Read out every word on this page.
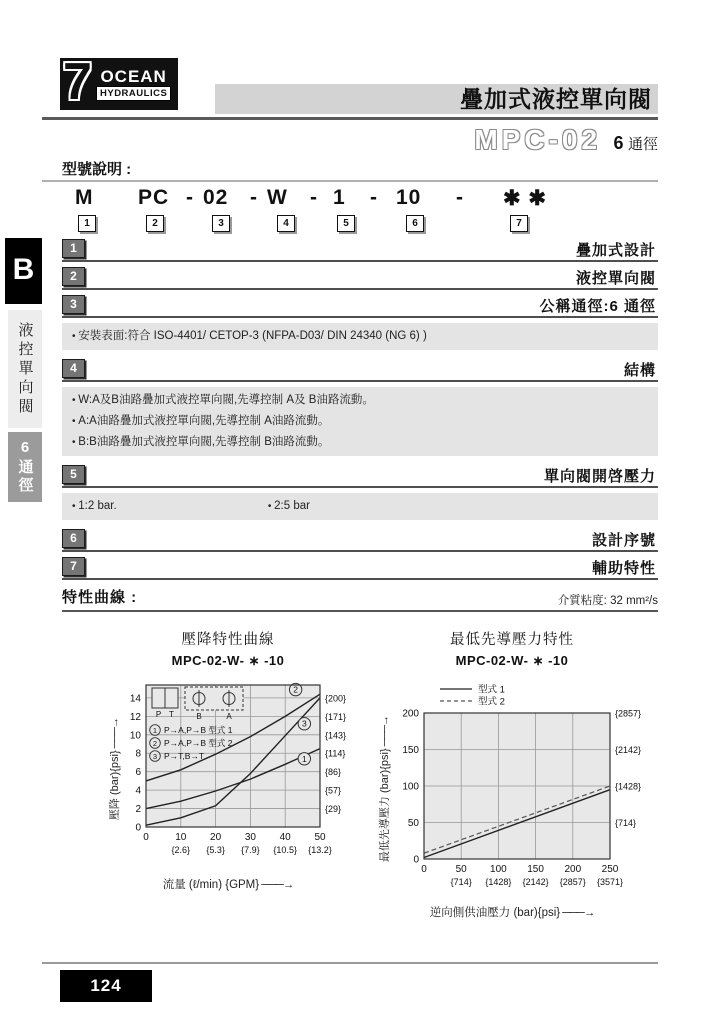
7 OCEAN
HYDRAULICS	疊加式液控單向閥
MPC-02 6 通徑
型號說明 :
M PC - 02 - W - 1 - 10 - ✱ ✱
1	2	3	4	5	6	7
1	疊加式設計
2	液控單向閥
3	公稱通徑:6 通徑
• 安裝表面:符合 ISO-4401/ CETOP-3 (NFPA-D03/ DIN 24340 (NG 6) )
4	結構
• W:A及B油路疊加式液控單向閥,先導控制 A及 B油路流動。
• A:A油路疊加式液控單向閥,先導控制 A油路流動。
• B:B油路疊加式液控單向閥,先導控制 B油路流動。
5	單向閥開啓壓力
• 1:2 bar.	• 2:5 bar
6	設計序號
7	輔助特性
B
液控單向閥
6通徑
特性曲線 :	介質粘度: 32 mm²/s
壓降特性曲線
MPC-02-W- ∗ -10
壓降 (bar){psi} ───→	1
2
3
0
2	{29}
4	{57}
6	{86}
8	{114}
10	{143}
12	{171}
14	{200}
0	10
{2.6}
20
{5.3}
30
{7.9}
40
{10.5}
50
{13.2}
P T	B	A
1 P→A,P→B 型式 1
2 P→A,P→B 型式 2
3 P→T,B→T
流量 (ℓ/min) {GPM} ───→
最低先導壓力特性
MPC-02-W- ∗ -10
最低先導壓力 (bar){psi} ───→ 0
50	{714}
100	{1428}
150	{2142}
200	{2857}
0	50
{714}
100
{1428}
150
{2142}
200
{2857}
250
{3571}
型式 1
型式 2
逆向側供油壓力 (bar){psi} ───→
124
